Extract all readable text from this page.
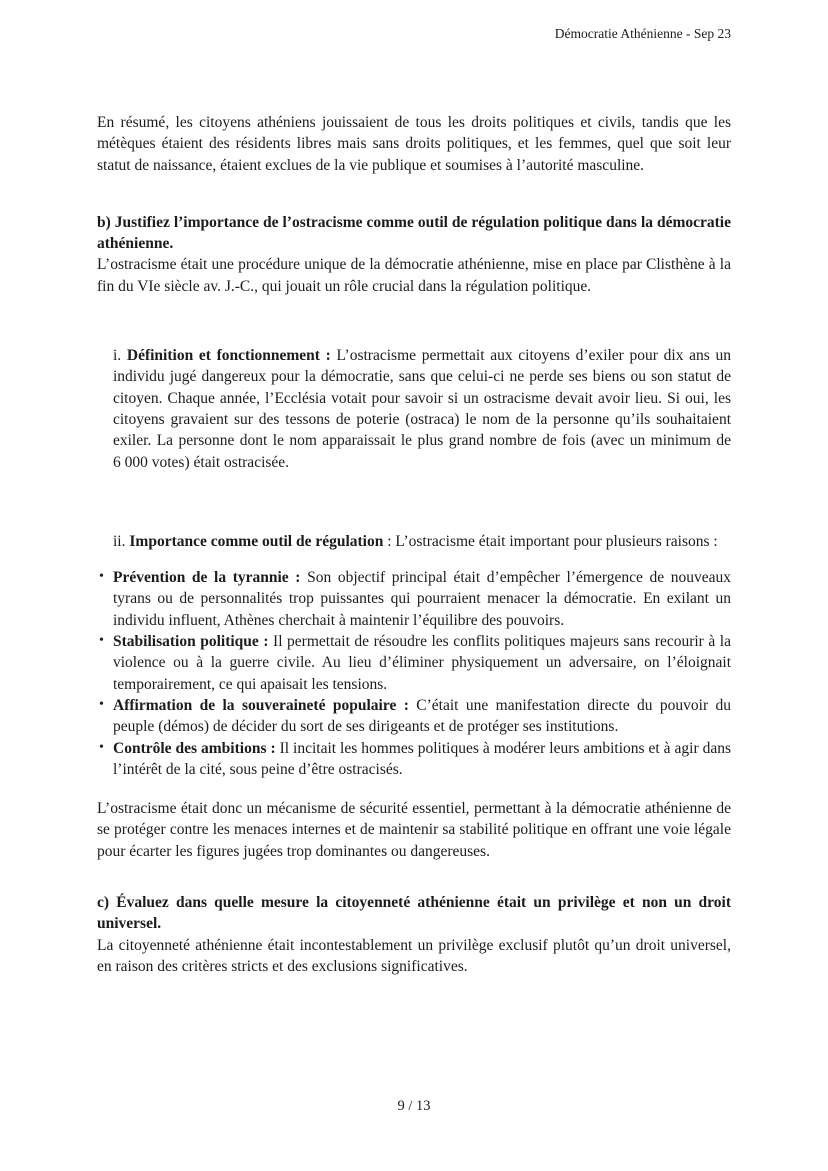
Démocratie Athénienne - Sep 23

En résumé, les citoyens athéniens jouissaient de tous les droits politiques et civils, tandis que les métèques étaient des résidents libres mais sans droits politiques, et les femmes, quel que soit leur statut de naissance, étaient exclues de la vie publique et soumises à l’autorité masculine.

b) Justifiez l’importance de l’ostracisme comme outil de régulation politique dans la démocratie athénienne.

L’ostracisme était une procédure unique de la démocratie athénienne, mise en place par Clisthène à la fin du VIe siècle av. J.-C., qui jouait un rôle crucial dans la régulation politique.

i. Définition et fonctionnement : L’ostracisme permettait aux citoyens d’exiler pour dix ans un individu jugé dangereux pour la démocratie, sans que celui-ci ne perde ses biens ou son statut de citoyen. Chaque année, l’Ecclésia votait pour savoir si un ostracisme devait avoir lieu. Si oui, les citoyens gravaient sur des tessons de poterie (ostraca) le nom de la personne qu’ils souhaitaient exiler. La personne dont le nom apparaissait le plus grand nombre de fois (avec un minimum de 6 000 votes) était ostracisée.
ii. Importance comme outil de régulation : L’ostracisme était important pour plusieurs raisons :
• Prévention de la tyrannie : Son objectif principal était d’empêcher l’émergence de nouveaux tyrans ou de personnalités trop puissantes qui pourraient menacer la démocratie. En exilant un individu influent, Athènes cherchait à maintenir l’équilibre des pouvoirs.
• Stabilisation politique : Il permettait de résoudre les conflits politiques majeurs sans recourir à la violence ou à la guerre civile. Au lieu d’éliminer physiquement un adversaire, on l’éloignait temporairement, ce qui apaisait les tensions.
• Affirmation de la souveraineté populaire : C’était une manifestation directe du pouvoir du peuple (démos) de décider du sort de ses dirigeants et de protéger ses institutions.
• Contrôle des ambitions : Il incitait les hommes politiques à modérer leurs ambitions et à agir dans l’intérêt de la cité, sous peine d’être ostracisés.

L’ostracisme était donc un mécanisme de sécurité essentiel, permettant à la démocratie athénienne de se protéger contre les menaces internes et de maintenir sa stabilité politique en offrant une voie légale pour écarter les figures jugées trop dominantes ou dangereuses.

c) Évaluez dans quelle mesure la citoyenneté athénienne était un privilège et non un droit universel.

La citoyenneté athénienne était incontestablement un privilège exclusif plutôt qu’un droit universel, en raison des critères stricts et des exclusions significatives.

9 / 13
